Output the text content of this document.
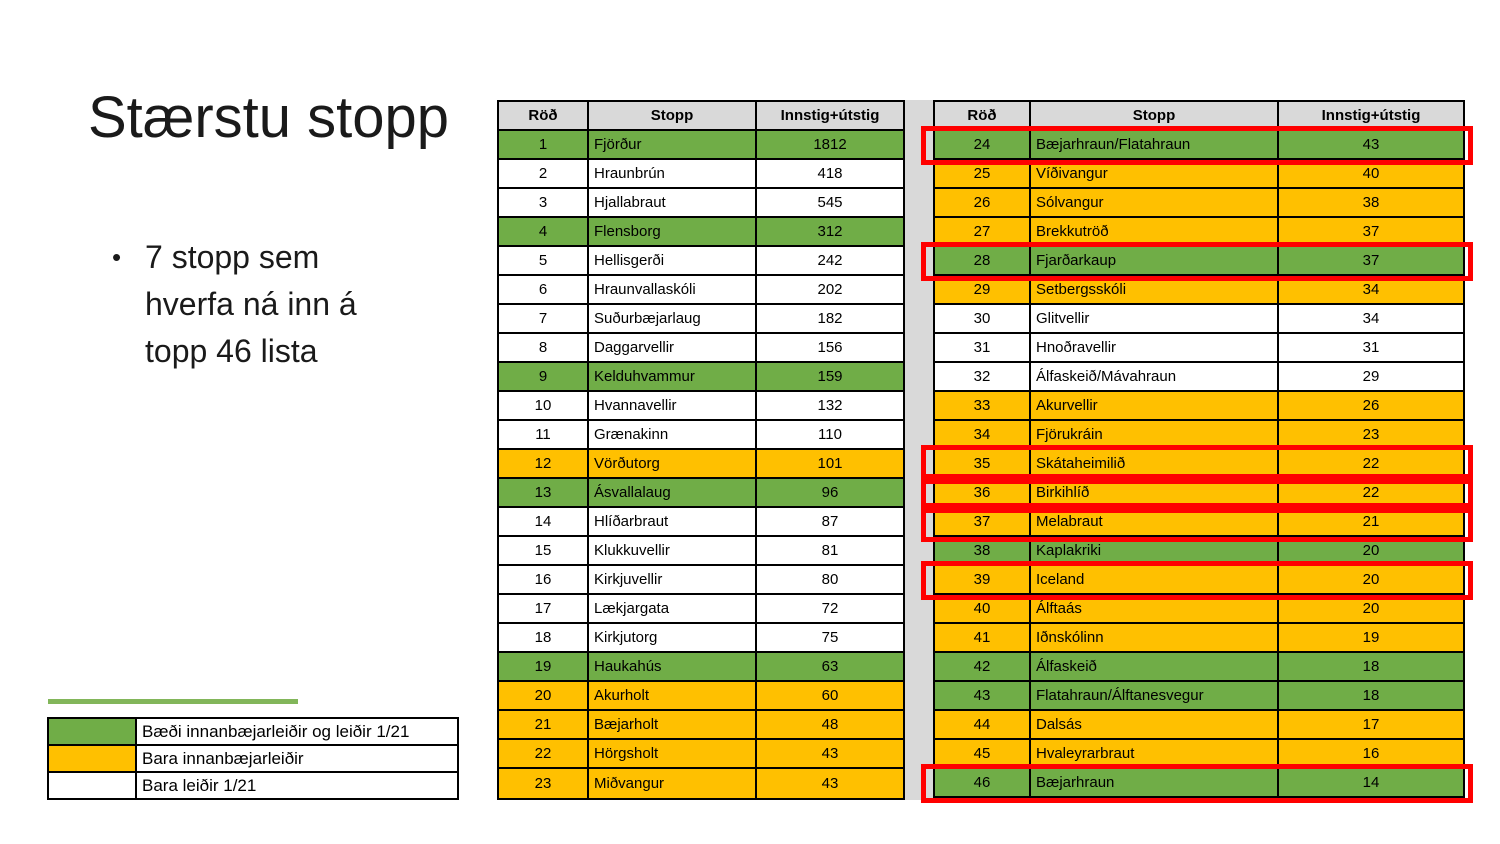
Stærstu stopp
• 7 stopp sem hverfa ná inn á topp 46 lista
Röð	Stopp	Innstig+útstig
1	Fjörður	1812
2	Hraunbrún	418
3	Hjallabraut	545
4	Flensborg	312
5	Hellisgerði	242
6	Hraunvallaskóli	202
7	Suðurbæjarlaug	182
8	Daggarvellir	156
9	Kelduhvammur	159
10	Hvannavellir	132
11	Grænakinn	110
12	Vörðutorg	101
13	Ásvallalaug	96
14	Hlíðarbraut	87
15	Klukkuvellir	81
16	Kirkjuvellir	80
17	Lækjargata	72
18	Kirkjutorg	75
19	Haukahús	63
20	Akurholt	60
21	Bæjarholt	48
22	Hörgsholt	43
23	Miðvangur	43
Röð	Stopp	Innstig+útstig
24	Bæjarhraun/Flatahraun	43
25	Víðivangur	40
26	Sólvangur	38
27	Brekkutröð	37
28	Fjarðarkaup	37
29	Setbergsskóli	34
30	Glitvellir	34
31	Hnoðravellir	31
32	Álfaskeið/Mávahraun	29
33	Akurvellir	26
34	Fjörukráin	23
35	Skátaheimilið	22
36	Birkihlíð	22
37	Melabraut	21
38	Kaplakriki	20
39	Iceland	20
40	Álftaás	20
41	Iðnskólinn	19
42	Álfaskeið	18
43	Flatahraun/Álftanesvegur	18
44	Dalsás	17
45	Hvaleyrarbraut	16
46	Bæjarhraun	14
Bæði innanbæjarleiðir og leiðir 1/21
Bara innanbæjarleiðir
Bara leiðir 1/21
